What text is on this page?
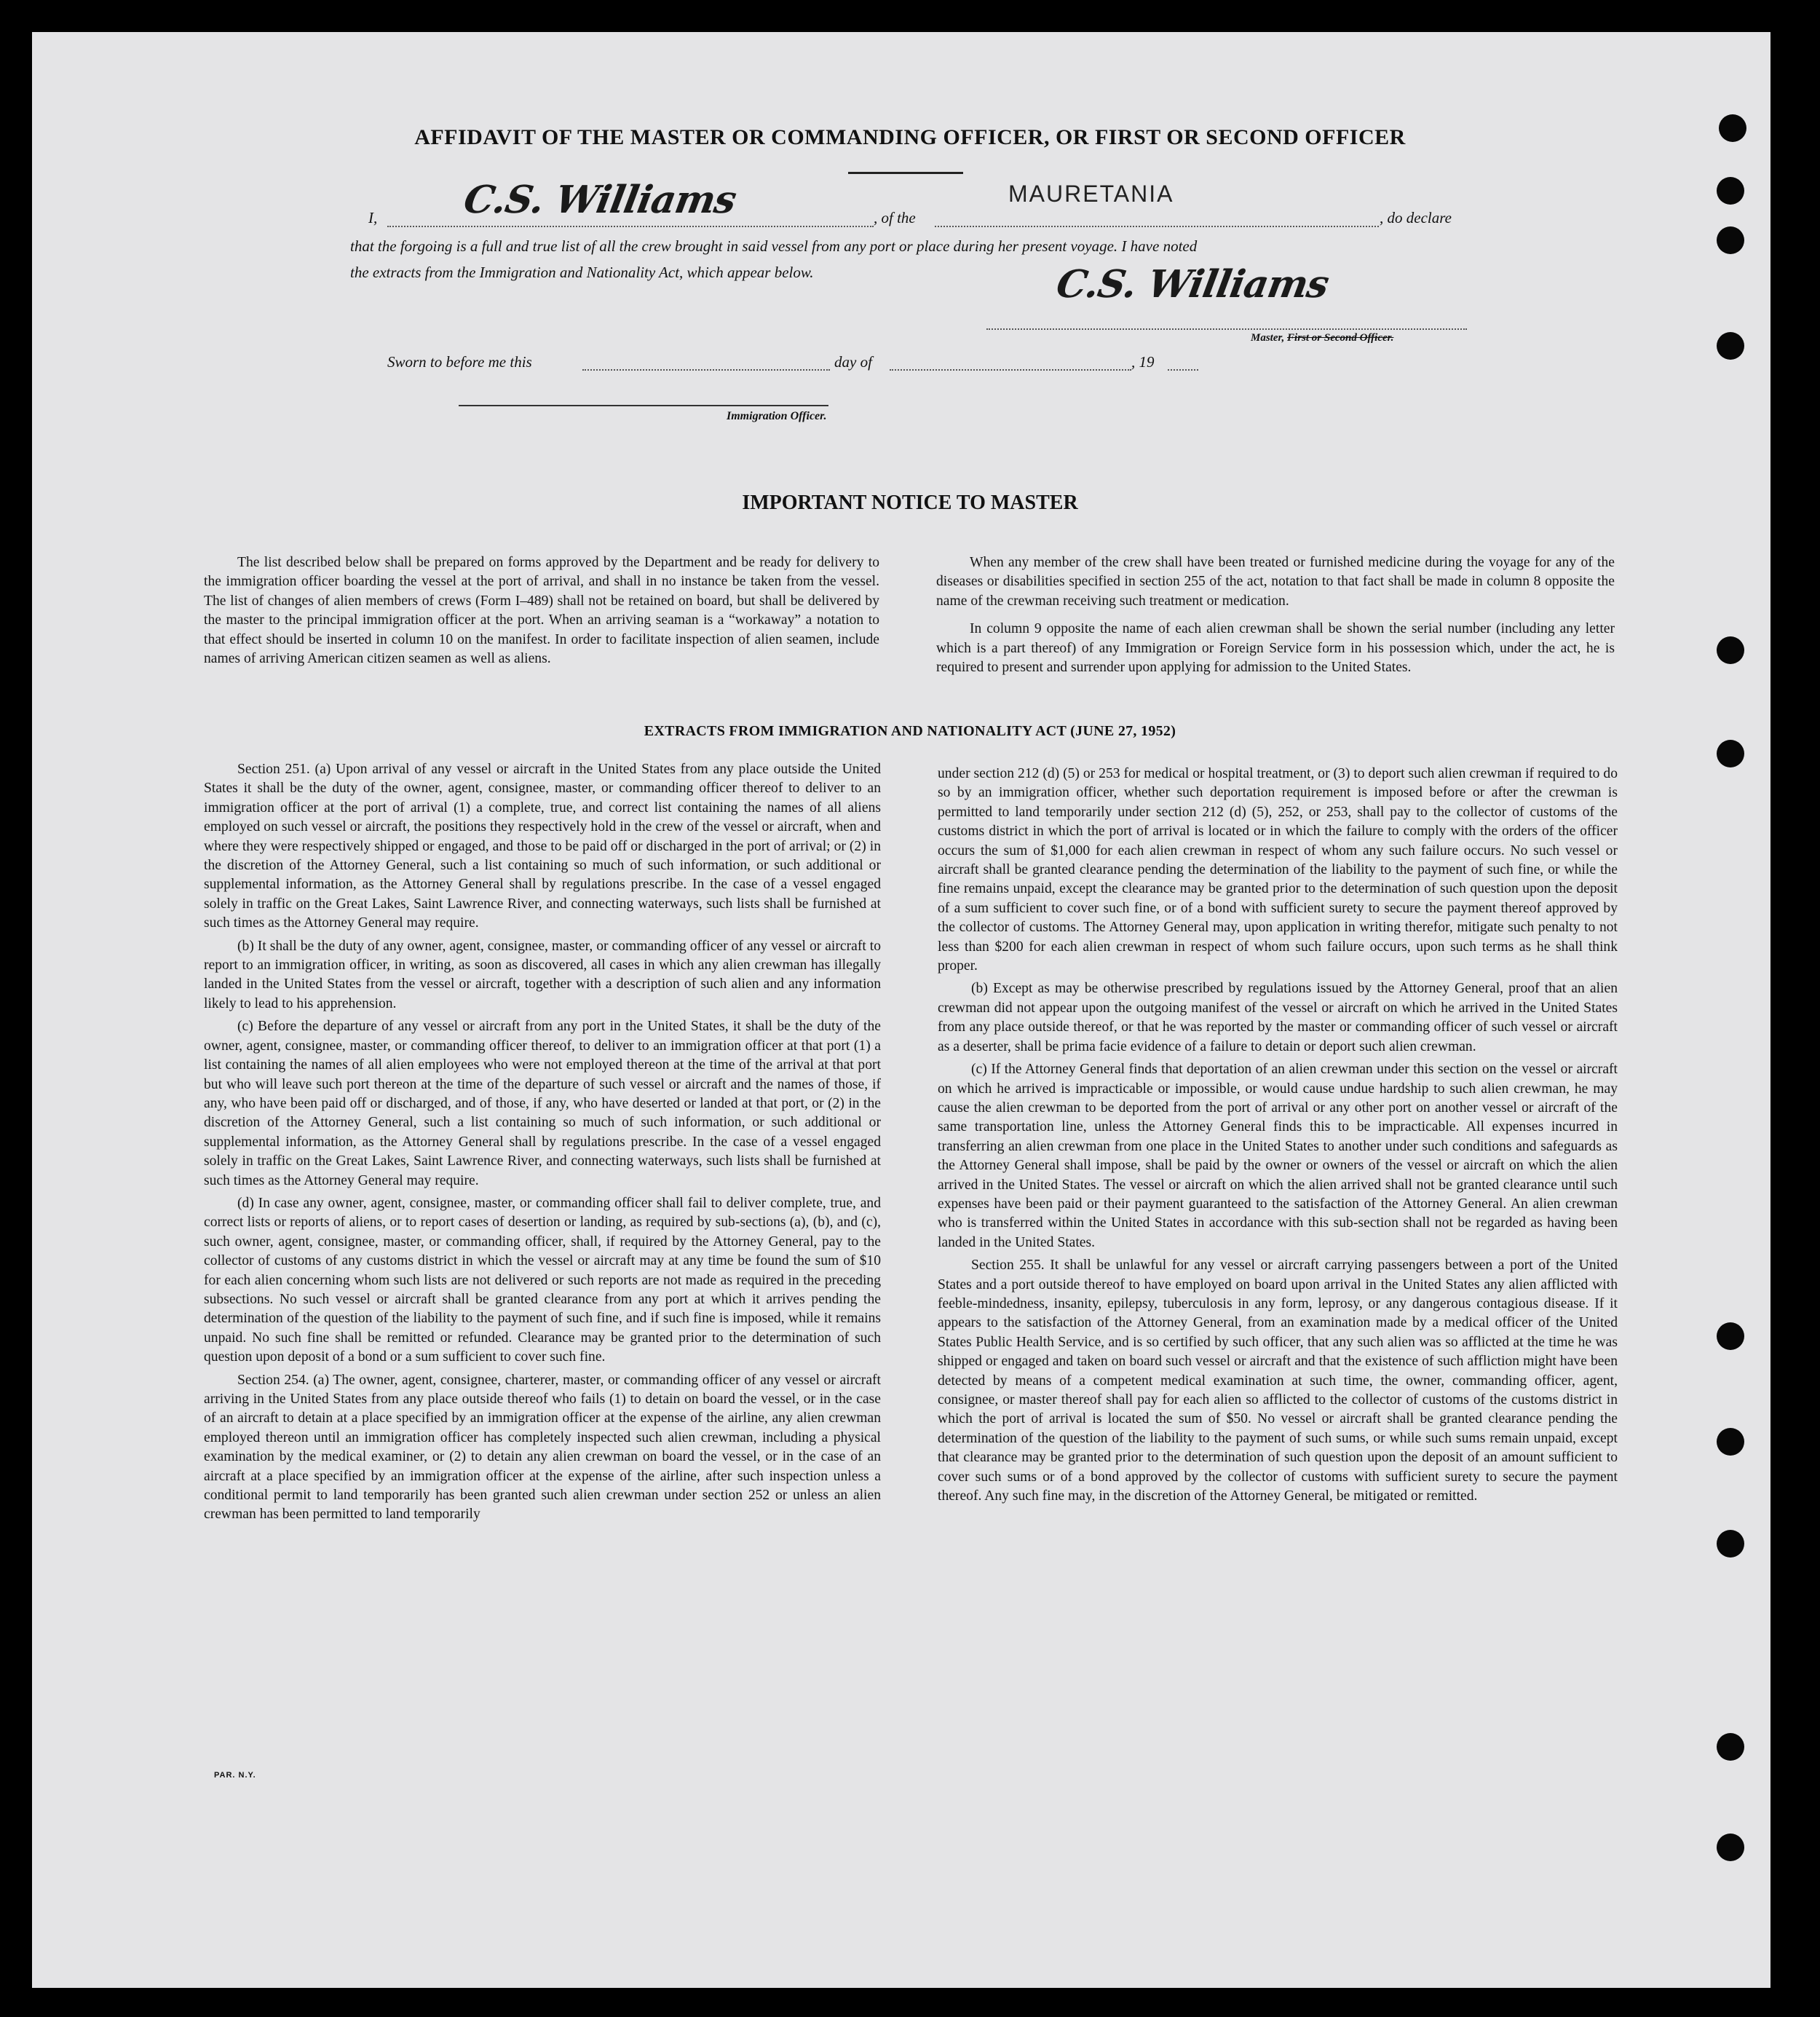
AFFIDAVIT OF THE MASTER OR COMMANDING OFFICER, OR FIRST OR SECOND OFFICER
I, C.S. Williams	, of the
MAURETANIA
, do declare
that the forgoing is a full and true list of all the crew brought in said vessel from any port or place during her present voyage. I have noted
the extracts from the Immigration and Nationality Act, which appear below.	C.S. Williams
Master, First or Second Officer.
Sworn to before me this	day of	, 19
Immigration Officer.
IMPORTANT NOTICE TO MASTER

The list described below shall be prepared on forms approved by the Department and be ready for delivery to the immigration officer boarding the vessel at the port of arrival, and shall in no instance be taken from the vessel. The list of changes of alien members of crews (Form I–489) shall not be retained on board, but shall be delivered by the master to the principal immigration officer at the port. When an arriving seaman is a “workaway” a notation to that effect should be inserted in column 10 on the manifest. In order to facilitate inspection of alien seamen, include names of arriving American citizen seamen as well as aliens.

When any member of the crew shall have been treated or furnished medicine during the voyage for any of the diseases or disabilities specified in section 255 of the act, notation to that fact shall be made in column 8 opposite the name of the crewman receiving such treatment or medication.

In column 9 opposite the name of each alien crewman shall be shown the serial number (including any letter which is a part thereof) of any Immigration or Foreign Service form in his possession which, under the act, he is required to present and surrender upon applying for admission to the United States.

EXTRACTS FROM IMMIGRATION AND NATIONALITY ACT (JUNE 27, 1952)

Section 251. (a) Upon arrival of any vessel or aircraft in the United States from any place outside the United States it shall be the duty of the owner, agent, consignee, master, or commanding officer thereof to deliver to an immigration officer at the port of arrival (1) a complete, true, and correct list containing the names of all aliens employed on such vessel or aircraft, the positions they respectively hold in the crew of the vessel or aircraft, when and where they were respectively shipped or engaged, and those to be paid off or discharged in the port of arrival; or (2) in the discretion of the Attorney General, such a list containing so much of such information, or such additional or supplemental information, as the Attorney General shall by regulations prescribe. In the case of a vessel engaged solely in traffic on the Great Lakes, Saint Lawrence River, and connecting waterways, such lists shall be furnished at such times as the Attorney General may require.

(b) It shall be the duty of any owner, agent, consignee, master, or commanding officer of any vessel or aircraft to report to an immigration officer, in writing, as soon as discovered, all cases in which any alien crewman has illegally landed in the United States from the vessel or aircraft, together with a description of such alien and any information likely to lead to his apprehension.

(c) Before the departure of any vessel or aircraft from any port in the United States, it shall be the duty of the owner, agent, consignee, master, or commanding officer thereof, to deliver to an immigration officer at that port (1) a list containing the names of all alien employees who were not employed thereon at the time of the arrival at that port but who will leave such port thereon at the time of the departure of such vessel or aircraft and the names of those, if any, who have been paid off or discharged, and of those, if any, who have deserted or landed at that port, or (2) in the discretion of the Attorney General, such a list containing so much of such information, or such additional or supplemental information, as the Attorney General shall by regulations prescribe. In the case of a vessel engaged solely in traffic on the Great Lakes, Saint Lawrence River, and connecting waterways, such lists shall be furnished at such times as the Attorney General may require.

(d) In case any owner, agent, consignee, master, or commanding officer shall fail to deliver complete, true, and correct lists or reports of aliens, or to report cases of desertion or landing, as required by sub-sections (a), (b), and (c), such owner, agent, consignee, master, or commanding officer, shall, if required by the Attorney General, pay to the collector of customs of any customs district in which the vessel or aircraft may at any time be found the sum of $10 for each alien concerning whom such lists are not delivered or such reports are not made as required in the preceding subsections. No such vessel or aircraft shall be granted clearance from any port at which it arrives pending the determination of the question of the liability to the payment of such fine, and if such fine is imposed, while it remains unpaid. No such fine shall be remitted or refunded. Clearance may be granted prior to the determination of such question upon deposit of a bond or a sum sufficient to cover such fine.

Section 254. (a) The owner, agent, consignee, charterer, master, or commanding officer of any vessel or aircraft arriving in the United States from any place outside thereof who fails (1) to detain on board the vessel, or in the case of an aircraft to detain at a place specified by an immigration officer at the expense of the airline, any alien crewman employed thereon until an immigration officer has completely inspected such alien crewman, including a physical examination by the medical examiner, or (2) to detain any alien crewman on board the vessel, or in the case of an aircraft at a place specified by an immigration officer at the expense of the airline, after such inspection unless a conditional permit to land temporarily has been granted such alien crewman under section 252 or unless an alien crewman has been permitted to land temporarily

under section 212 (d) (5) or 253 for medical or hospital treatment, or (3) to deport such alien crewman if required to do so by an immigration officer, whether such deportation requirement is imposed before or after the crewman is permitted to land temporarily under section 212 (d) (5), 252, or 253, shall pay to the collector of customs of the customs district in which the port of arrival is located or in which the failure to comply with the orders of the officer occurs the sum of $1,000 for each alien crewman in respect of whom any such failure occurs. No such vessel or aircraft shall be granted clearance pending the determination of the liability to the payment of such fine, or while the fine remains unpaid, except the clearance may be granted prior to the determination of such question upon the deposit of a sum sufficient to cover such fine, or of a bond with sufficient surety to secure the payment thereof approved by the collector of customs. The Attorney General may, upon application in writing therefor, mitigate such penalty to not less than $200 for each alien crewman in respect of whom such failure occurs, upon such terms as he shall think proper.

(b) Except as may be otherwise prescribed by regulations issued by the Attorney General, proof that an alien crewman did not appear upon the outgoing manifest of the vessel or aircraft on which he arrived in the United States from any place outside thereof, or that he was reported by the master or commanding officer of such vessel or aircraft as a deserter, shall be prima facie evidence of a failure to detain or deport such alien crewman.

(c) If the Attorney General finds that deportation of an alien crewman under this section on the vessel or aircraft on which he arrived is impracticable or impossible, or would cause undue hardship to such alien crewman, he may cause the alien crewman to be deported from the port of arrival or any other port on another vessel or aircraft of the same transportation line, unless the Attorney General finds this to be impracticable. All expenses incurred in transferring an alien crewman from one place in the United States to another under such conditions and safeguards as the Attorney General shall impose, shall be paid by the owner or owners of the vessel or aircraft on which the alien arrived in the United States. The vessel or aircraft on which the alien arrived shall not be granted clearance until such expenses have been paid or their payment guaranteed to the satisfaction of the Attorney General. An alien crewman who is transferred within the United States in accordance with this sub-section shall not be regarded as having been landed in the United States.

Section 255. It shall be unlawful for any vessel or aircraft carrying passengers between a port of the United States and a port outside thereof to have employed on board upon arrival in the United States any alien afflicted with feeble-mindedness, insanity, epilepsy, tuberculosis in any form, leprosy, or any dangerous contagious disease. If it appears to the satisfaction of the Attorney General, from an examination made by a medical officer of the United States Public Health Service, and is so certified by such officer, that any such alien was so afflicted at the time he was shipped or engaged and taken on board such vessel or aircraft and that the existence of such affliction might have been detected by means of a competent medical examination at such time, the owner, commanding officer, agent, consignee, or master thereof shall pay for each alien so afflicted to the collector of customs of the customs district in which the port of arrival is located the sum of $50. No vessel or aircraft shall be granted clearance pending the determination of the question of the liability to the payment of such sums, or while such sums remain unpaid, except that clearance may be granted prior to the determination of such question upon the deposit of an amount sufficient to cover such sums or of a bond approved by the collector of customs with sufficient surety to secure the payment thereof. Any such fine may, in the discretion of the Attorney General, be mitigated or remitted.

PAR. N.Y.
